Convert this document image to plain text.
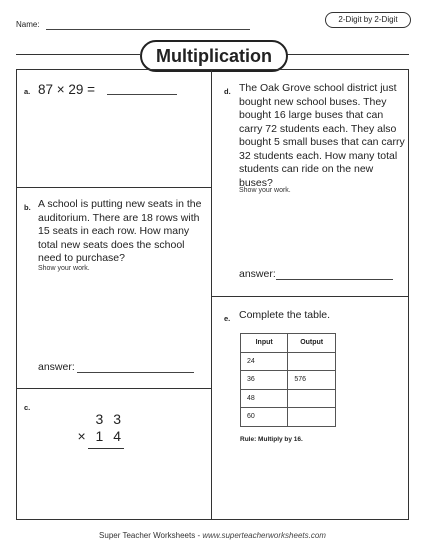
Name:
2-Digit by 2-Digit
Multiplication
a. 87 × 29 =
b. A school is putting new seats in the auditorium. There are 18 rows with 15 seats in each row. How many total new seats does the school need to purchase?
Show your work.
answer:
c.
3 3
× 1 4
d. The Oak Grove school district just bought new school buses. They bought 16 large buses that can carry 72 students each. They also bought 5 small buses that can carry 32 students each. How many total students can ride on the new buses?
Show your work.
answer:
e. Complete the table.
Input	Output
24	
36	576
48	
60	
Rule: Multiply by 16.
Super Teacher Worksheets - www.superteacherworksheets.com
